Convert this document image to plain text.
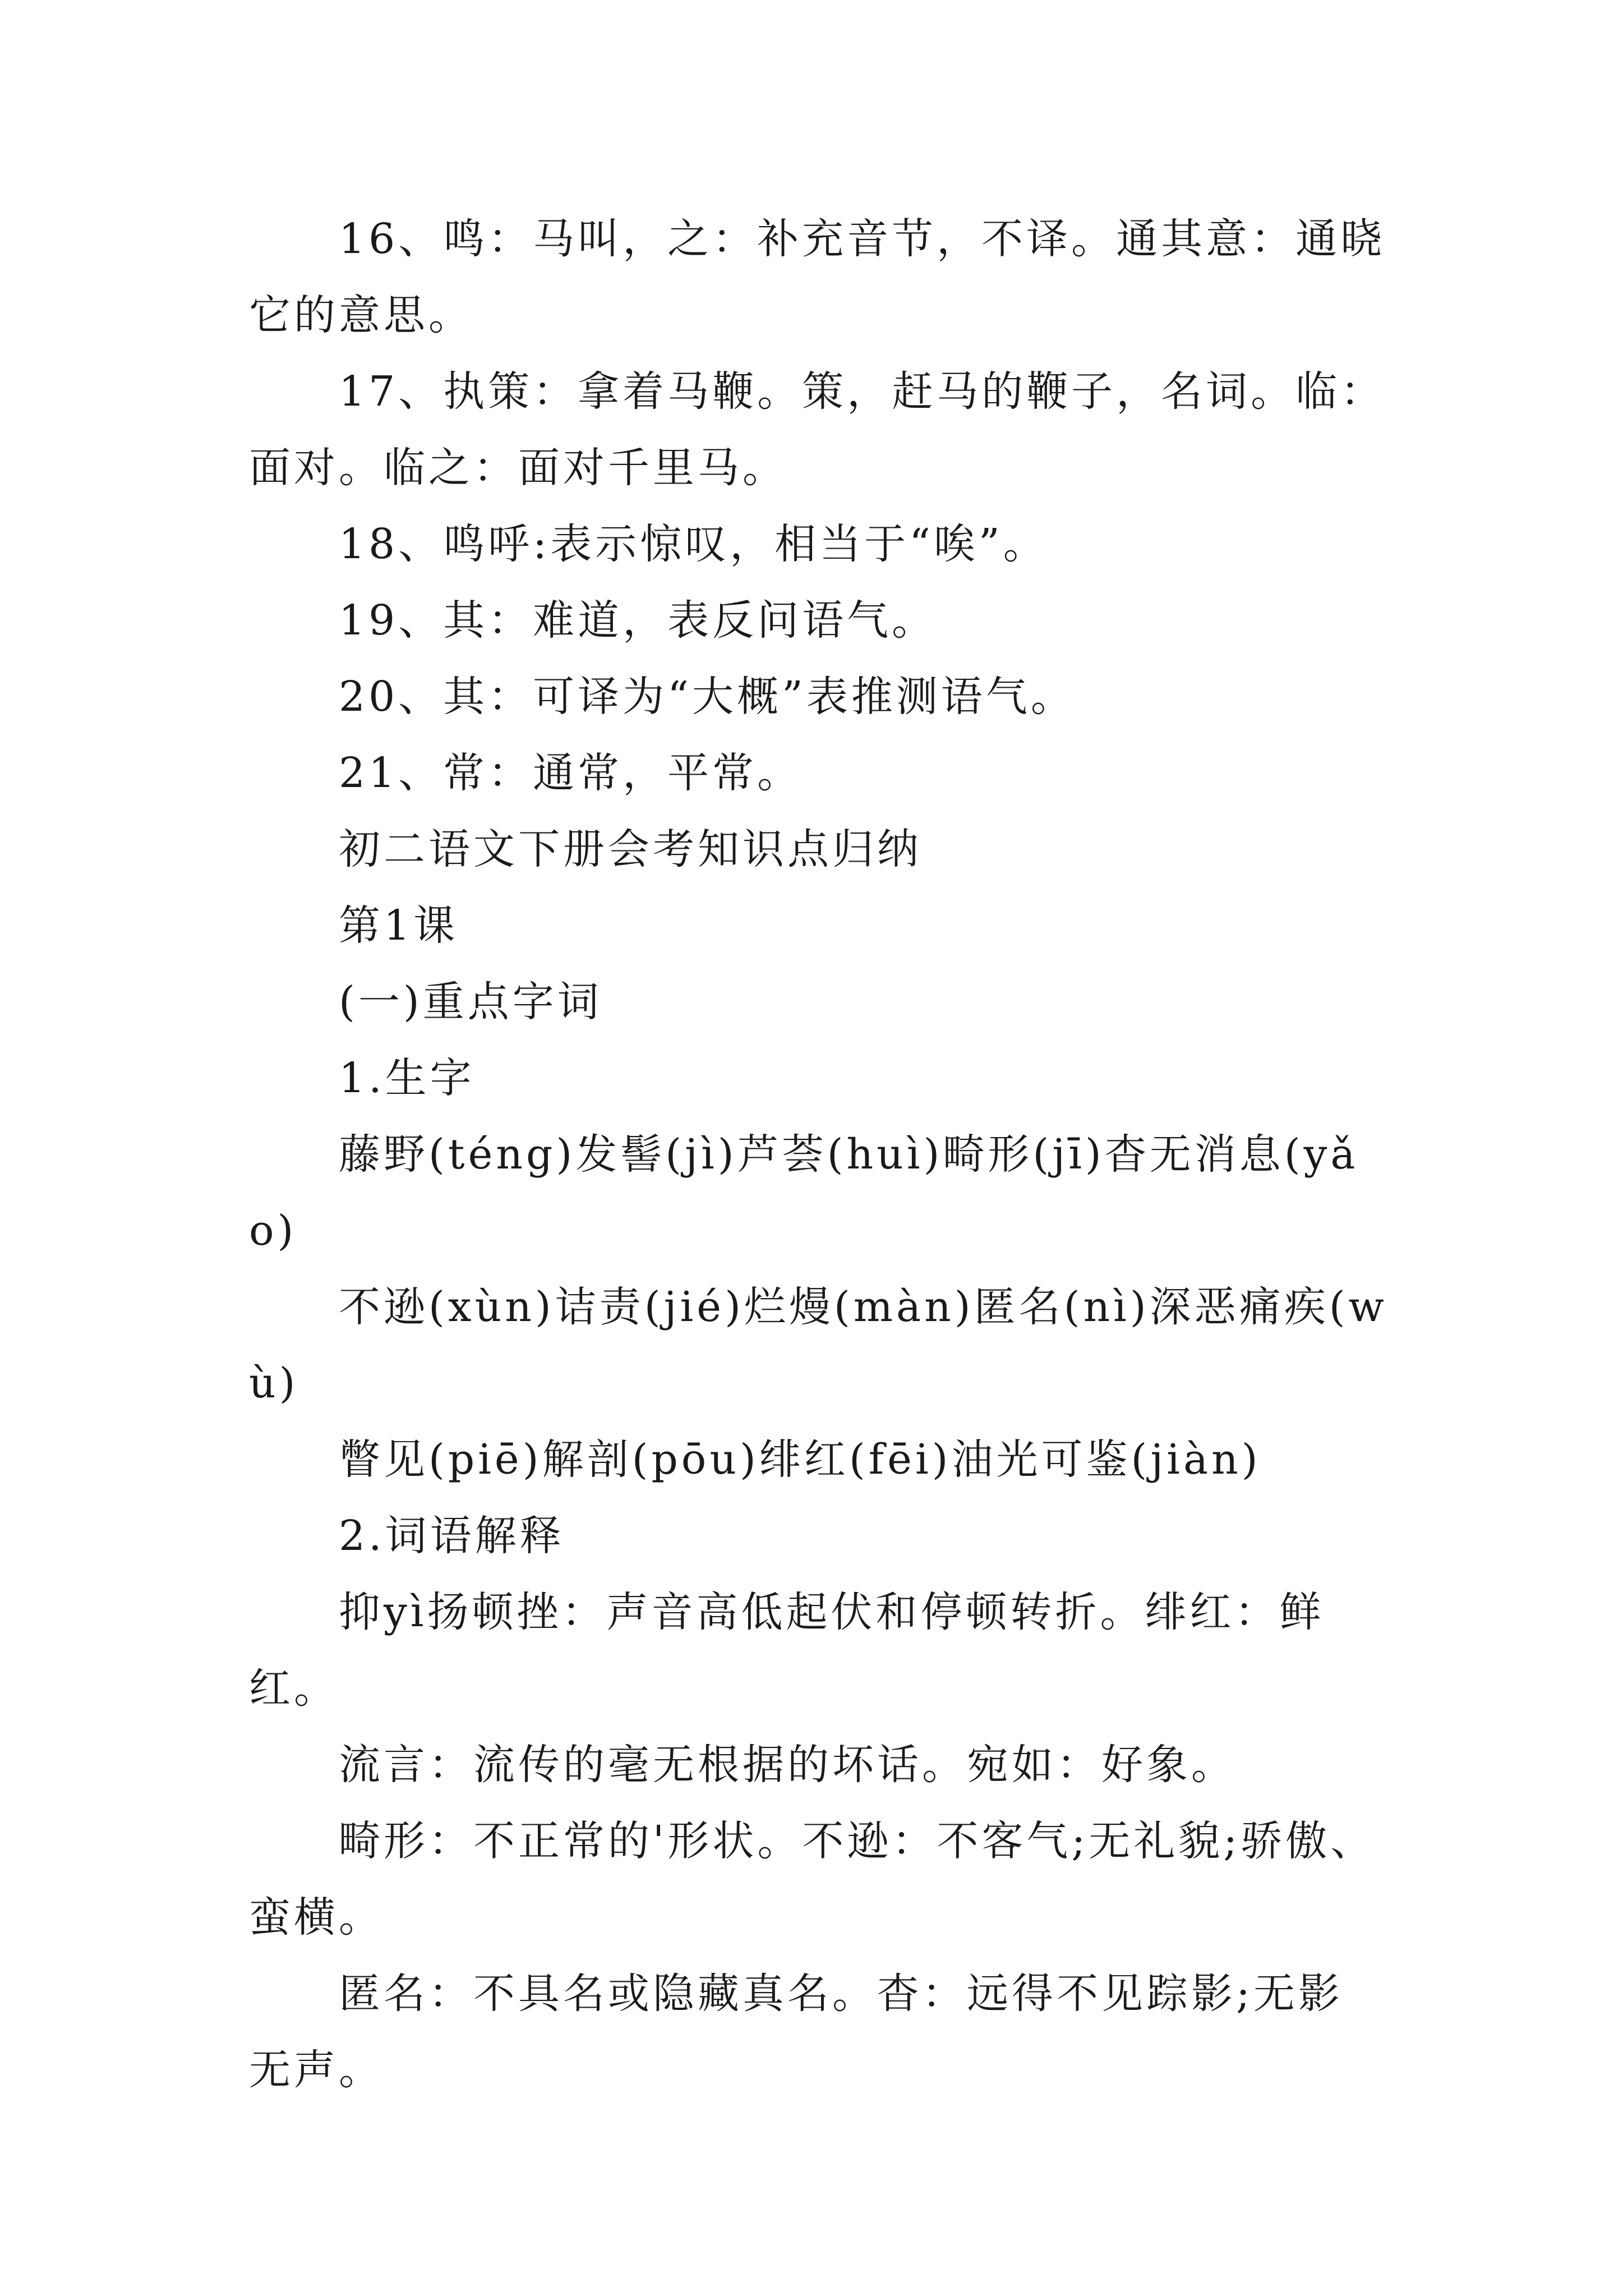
16、鸣：马叫，之：补充音节，不译。通其意：通晓它的意思。

17、执策：拿着马鞭。策，赶马的鞭子，名词。临：面对。临之：面对千里马。

18、鸣呼:表示惊叹，相当于“唉”。

19、其：难道，表反问语气。

20、其：可译为“大概”表推测语气。

21、常：通常，平常。

初二语文下册会考知识点归纳

第1课

(一)重点字词

1.生字

藤野(téng)发髻(jì)芦荟(huì)畸形(jī)杳无消息(yǎo)

不逊(xùn)诘责(jié)烂熳(màn)匿名(nì)深恶痛疾(wù)

瞥见(piē)解剖(pōu)绯红(fēi)油光可鉴(jiàn)

2.词语解释

抑yì扬顿挫：声音高低起伏和停顿转折。绯红：鲜红。

流言：流传的毫无根据的坏话。宛如：好象。

畸形：不正常的'形状。不逊：不客气;无礼貌;骄傲、蛮横。

匿名：不具名或隐藏真名。杳：远得不见踪影;无影无声。
